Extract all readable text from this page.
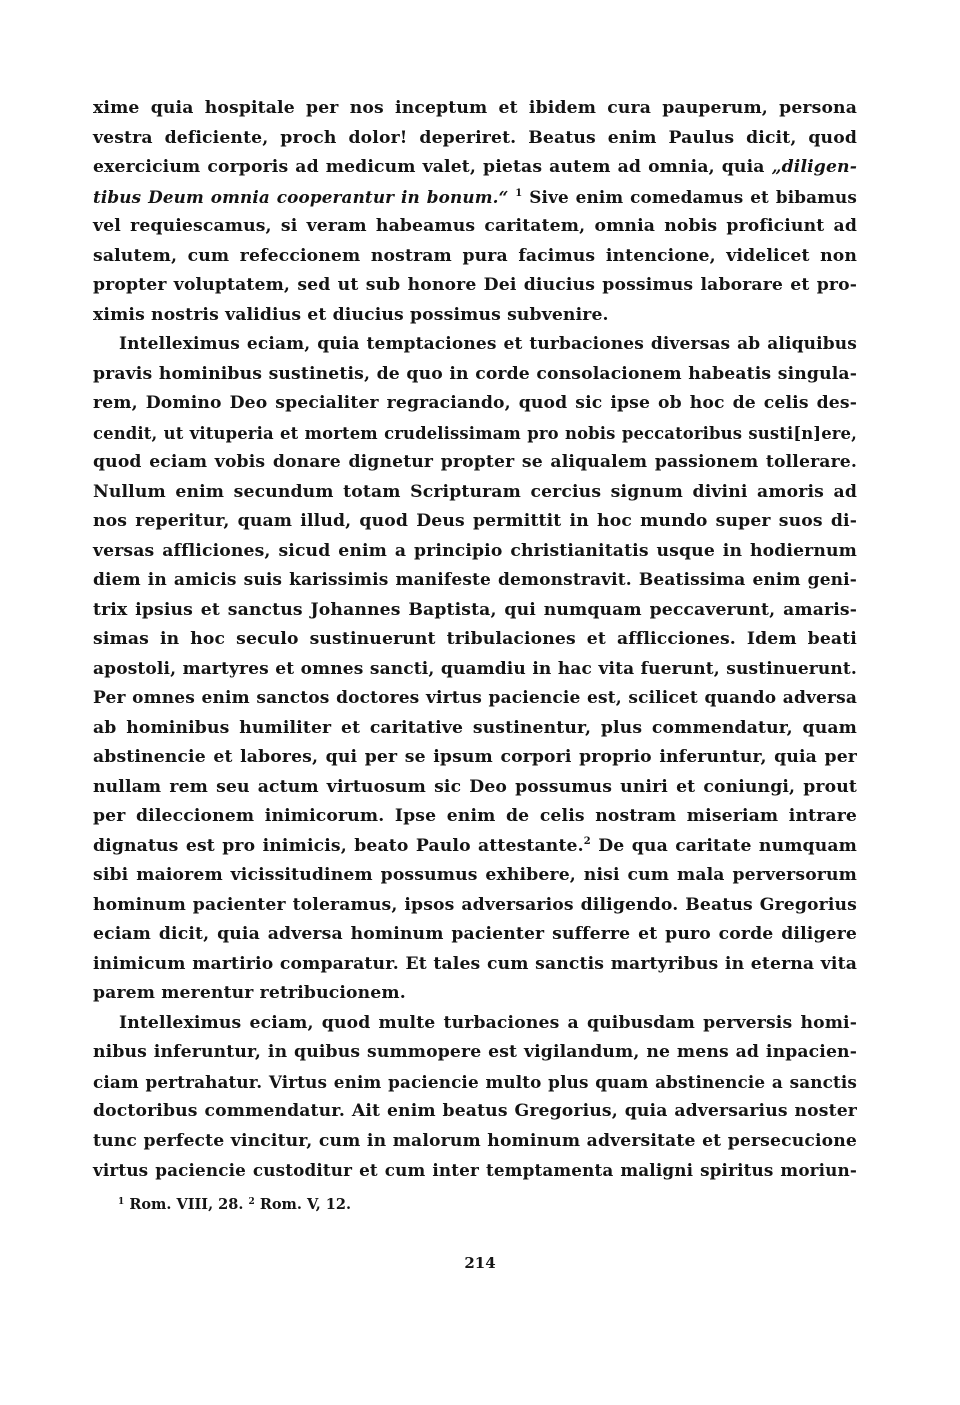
xime quia hospitale per nos inceptum et ibidem cura pauperum, persona
vestra deficiente, proch dolor! deperiret. Beatus enim Paulus dicit, quod
exercicium corporis ad medicum valet, pietas autem ad omnia, quia „diligen-
tibus Deum omnia cooperantur in bonum.“ $^1$ Sive enim comedamus et bibamus
vel requiescamus, si veram habeamus caritatem, omnia nobis proficiunt ad
salutem, cum refeccionem nostram pura facimus intencione, videlicet non
propter voluptatem, sed ut sub honore Dei diucius possimus laborare et pro-
ximis nostris validius et diucius possimus subvenire.
Intelleximus eciam, quia temptaciones et turbaciones diversas ab aliquibus
pravis hominibus sustinetis, de quo in corde consolacionem habeatis singula-
rem, Domino Deo specialiter regraciando, quod sic ipse ob hoc de celis des-
cendit, ut vituperia et mortem crudelissimam pro nobis peccatoribus susti[n]ere,
quod eciam vobis donare dignetur propter se aliqualem passionem tollerare.
Nullum enim secundum totam Scripturam cercius signum divini amoris ad
nos reperitur, quam illud, quod Deus permittit in hoc mundo super suos di-
versas affliciones, sicud enim a principio christianitatis usque in hodiernum
diem in amicis suis karissimis manifeste demonstravit. Beatissima enim geni-
trix ipsius et sanctus Johannes Baptista, qui numquam peccaverunt, amaris-
simas in hoc seculo sustinuerunt tribulaciones et afflicciones. Idem beati
apostoli, martyres et omnes sancti, quamdiu in hac vita fuerunt, sustinuerunt.
Per omnes enim sanctos doctores virtus paciencie est, scilicet quando adversa
ab hominibus humiliter et caritative sustinentur, plus commendatur, quam
abstinencie et labores, qui per se ipsum corpori proprio inferuntur, quia per
nullam rem seu actum virtuosum sic Deo possumus uniri et coniungi, prout
per dileccionem inimicorum. Ipse enim de celis nostram miseriam intrare
dignatus est pro inimicis, beato Paulo attestante.$^2$ De qua caritate numquam
sibi maiorem vicissitudinem possumus exhibere, nisi cum mala perversorum
hominum pacienter toleramus, ipsos adversarios diligendo. Beatus Gregorius
eciam dicit, quia adversa hominum pacienter sufferre et puro corde diligere
inimicum martirio comparatur. Et tales cum sanctis martyribus in eterna vita
parem merentur retribucionem.
Intelleximus eciam, quod multe turbaciones a quibusdam perversis homi-
nibus inferuntur, in quibus summopere est vigilandum, ne mens ad inpacien-
ciam pertrahatur. Virtus enim paciencie multo plus quam abstinencie a sanctis
doctoribus commendatur. Ait enim beatus Gregorius, quia adversarius noster
tunc perfecte vincitur, cum in malorum hominum adversitate et persecucione
virtus paciencie custoditur et cum inter temptamenta maligni spiritus moriun-
$^1$ Rom. VIII, 28. $^2$ Rom. V, 12.
214
